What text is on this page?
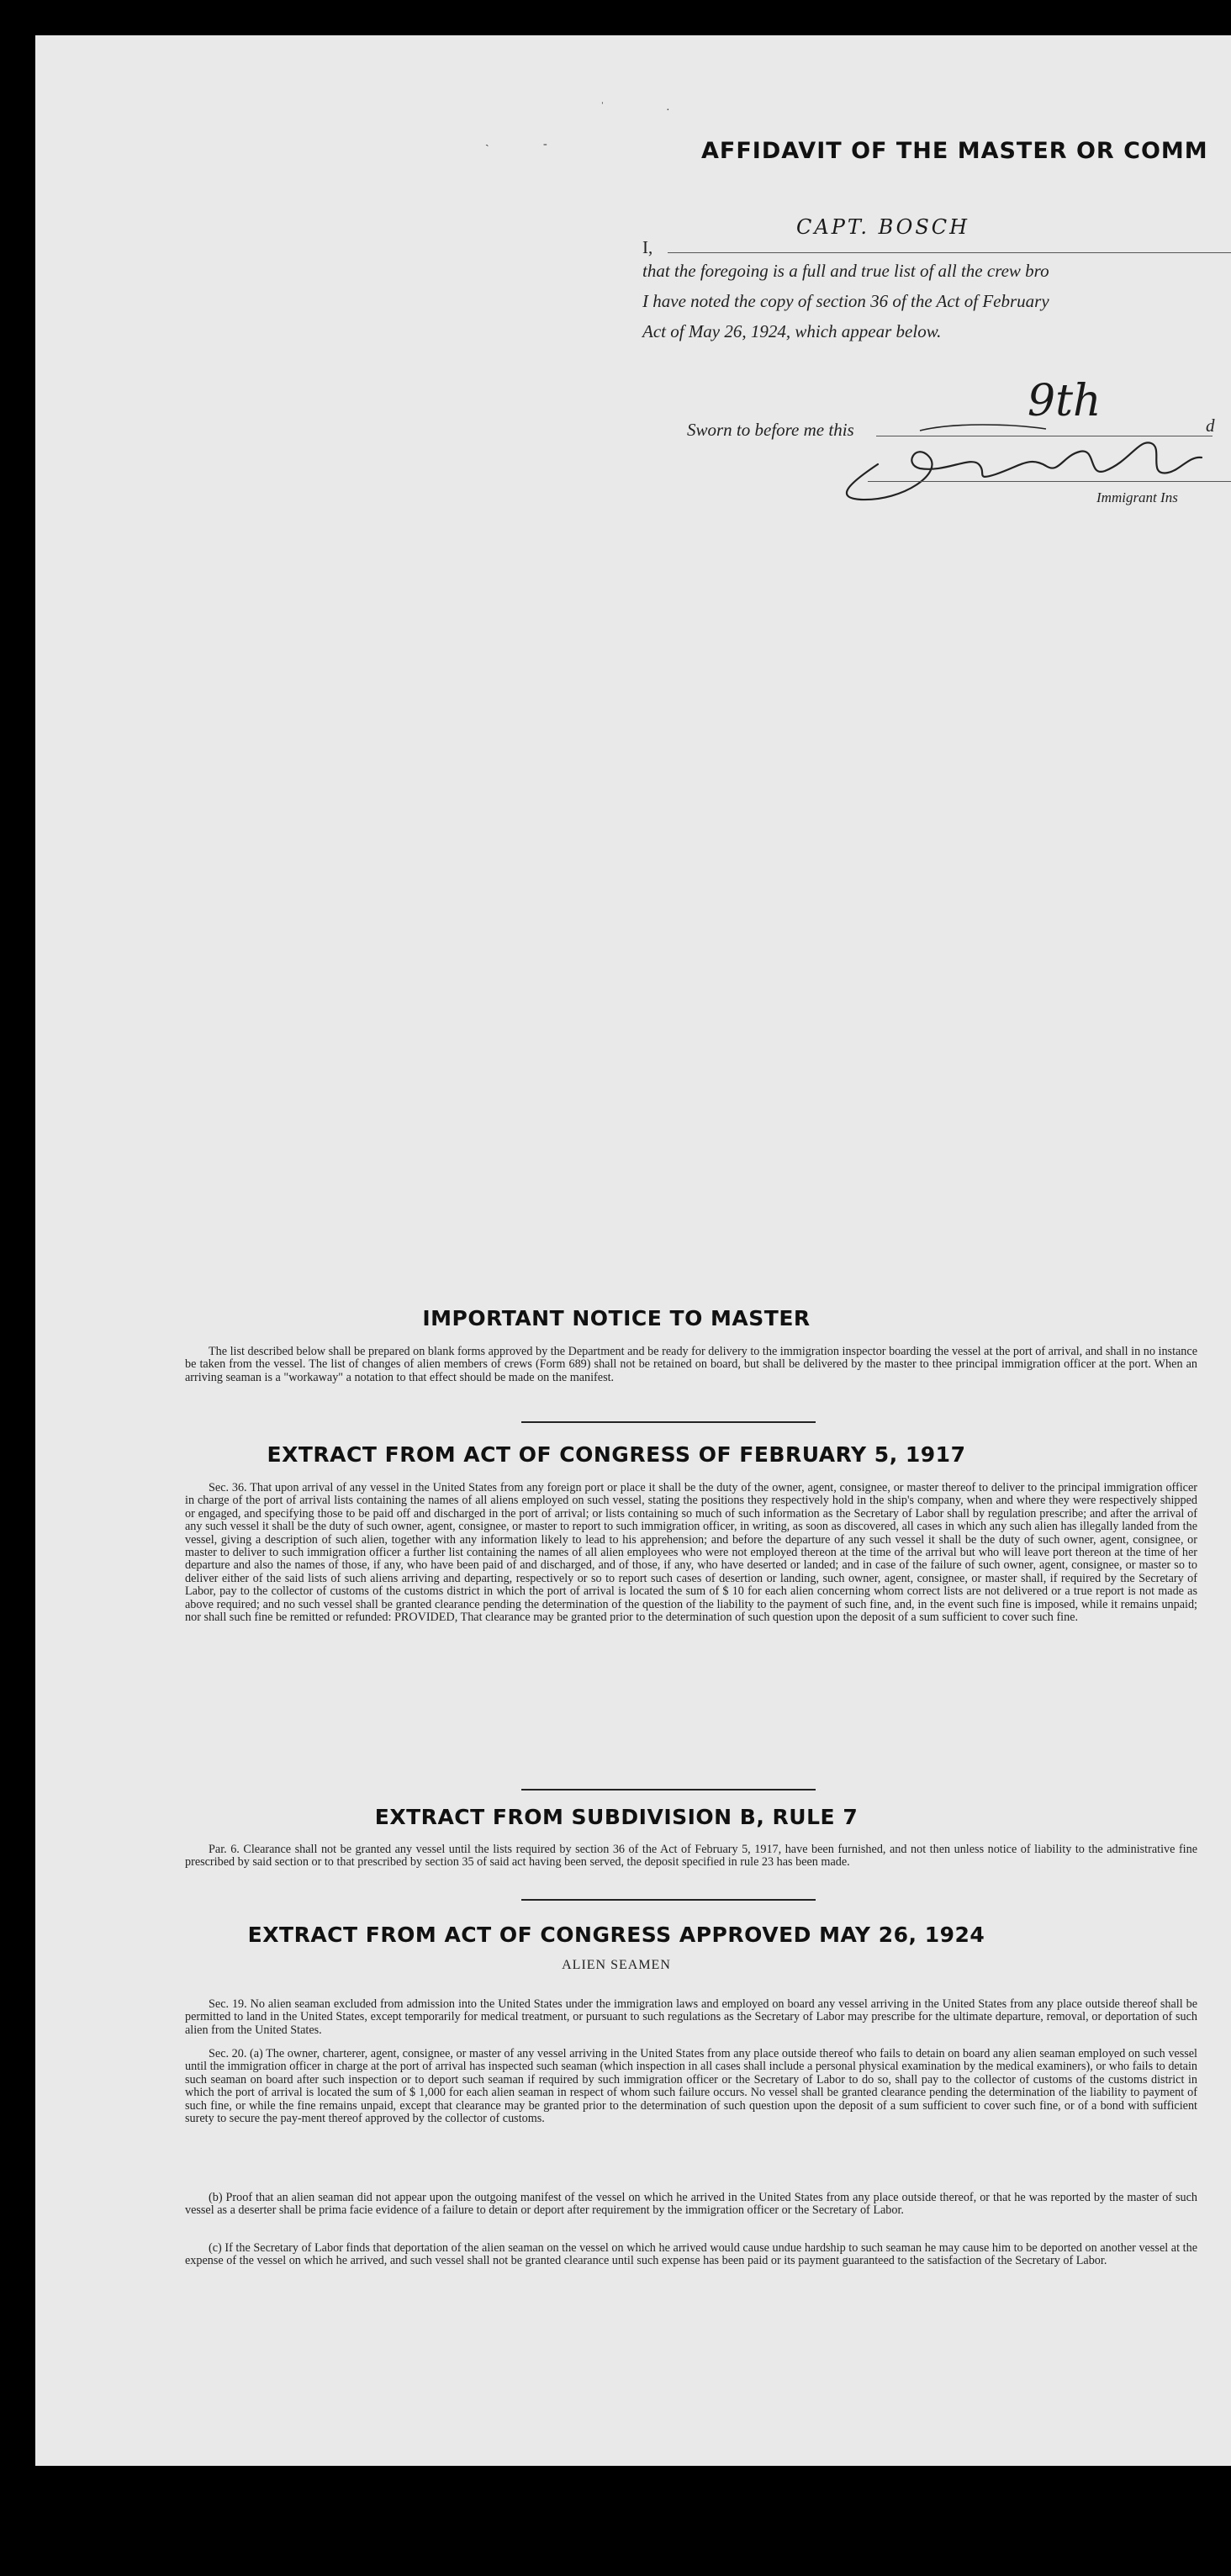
ˈ	·
ˏ	-	AFFIDAVIT OF THE MASTER OR COMM
I,
CAPT. BOSCH
that the foregoing is a full and true list of all the crew bro
I have noted the copy of section 36 of the Act of February
Act of May 26, 1924, which appear below.
Sworn to before me this
9th	d
James Gidell
Immigrant Ins
IMPORTANT NOTICE TO MASTER
The list described below shall be prepared on blank forms approved by the Department and be ready for delivery to the immigration inspector boarding the vessel at the port of arrival, and shall in no instance be taken from the vessel. The list of changes of alien members of crews (Form 689) shall not be retained on board, but shall be delivered by the master to thee principal immigration officer at the port. When an arriving seaman is a "workaway" a notation to that effect should be made on the manifest.
EXTRACT FROM ACT OF CONGRESS OF FEBRUARY 5, 1917
Sec. 36. That upon arrival of any vessel in the United States from any foreign port or place it shall be the duty of the owner, agent, consignee, or master thereof to deliver to the principal immigration officer in charge of the port of arrival lists containing the names of all aliens employed on such vessel, stating the positions they respectively hold in the ship's company, when and where they were respectively shipped or engaged, and specifying those to be paid off and discharged in the port of arrival; or lists containing so much of such information as the Secretary of Labor shall by regulation prescribe; and after the arrival of any such vessel it shall be the duty of such owner, agent, consignee, or master to report to such immigration officer, in writing, as soon as discovered, all cases in which any such alien has illegally landed from the vessel, giving a description of such alien, together with any information likely to lead to his apprehension; and before the departure of any such vessel it shall be the duty of such owner, agent, consignee, or master to deliver to such immigration officer a further list containing the names of all alien employees who were not employed thereon at the time of the arrival but who will leave port thereon at the time of her departure and also the names of those, if any, who have been paid of and discharged, and of those, if any, who have deserted or landed; and in case of the failure of such owner, agent, consignee, or master so to deliver either of the said lists of such aliens arriving and departing, respectively or so to report such cases of desertion or landing, such owner, agent, consignee, or master shall, if required by the Secretary of Labor, pay to the collector of customs of the customs district in which the port of arrival is located the sum of $ 10 for each alien concerning whom correct lists are not delivered or a true report is not made as above required; and no such vessel shall be granted clearance pending the determination of the question of the liability to the payment of such fine, and, in the event such fine is imposed, while it remains unpaid; nor shall such fine be remitted or refunded: PROVIDED, That clearance may be granted prior to the determination of such question upon the deposit of a sum sufficient to cover such fine.
EXTRACT FROM SUBDIVISION B, RULE 7
Par. 6. Clearance shall not be granted any vessel until the lists required by section 36 of the Act of February 5, 1917, have been furnished, and not then unless notice of liability to the administrative fine prescribed by said section or to that prescribed by section 35 of said act having been served, the deposit specified in rule 23 has been made.
EXTRACT FROM ACT OF CONGRESS APPROVED MAY 26, 1924
ALIEN SEAMEN
Sec. 19. No alien seaman excluded from admission into the United States under the immigration laws and employed on board any vessel arriving in the United States from any place outside thereof shall be permitted to land in the United States, except temporarily for medical treatment, or pursuant to such regulations as the Secretary of Labor may prescribe for the ultimate departure, removal, or deportation of such alien from the United States.
Sec. 20. (a) The owner, charterer, agent, consignee, or master of any vessel arriving in the United States from any place outside thereof who fails to detain on board any alien seaman employed on such vessel until the immigration officer in charge at the port of arrival has inspected such seaman (which inspection in all cases shall include a personal physical examination by the medical examiners), or who fails to detain such seaman on board after such inspection or to deport such seaman if required by such immigration officer or the Secretary of Labor to do so, shall pay to the collector of customs of the customs district in which the port of arrival is located the sum of $ 1,000 for each alien seaman in respect of whom such failure occurs. No vessel shall be granted clearance pending the determination of the liability to payment of such fine, or while the fine remains unpaid, except that clearance may be granted prior to the determination of such question upon the deposit of a sum sufficient to cover such fine, or of a bond with sufficient surety to secure the pay-ment thereof approved by the collector of customs.
(b) Proof that an alien seaman did not appear upon the outgoing manifest of the vessel on which he arrived in the United States from any place outside thereof, or that he was reported by the master of such vessel as a deserter shall be prima facie evidence of a failure to detain or deport after requirement by the immigration officer or the Secretary of Labor.
(c) If the Secretary of Labor finds that deportation of the alien seaman on the vessel on which he arrived would cause undue hardship to such seaman he may cause him to be deported on another vessel at the expense of the vessel on which he arrived, and such vessel shall not be granted clearance until such expense has been paid or its payment guaranteed to the satisfaction of the Secretary of Labor.
